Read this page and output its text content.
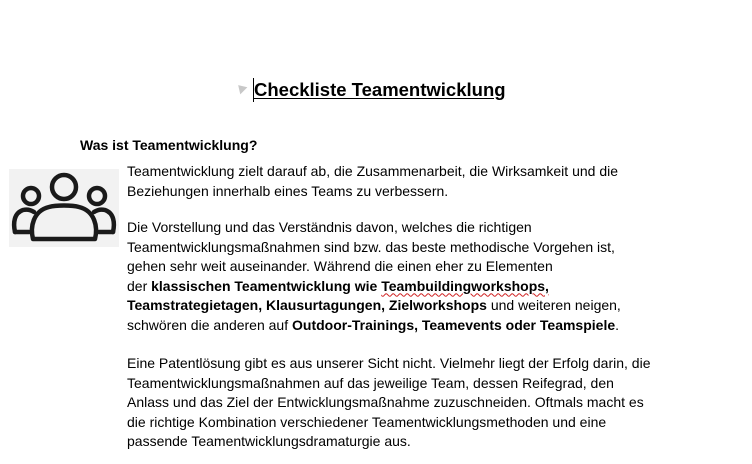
Checkliste Teamentwicklung
Was ist Teamentwicklung?

Teamentwicklung zielt darauf ab, die Zusammenarbeit, die Wirksamkeit und die
Beziehungen innerhalb eines Teams zu verbessern.

Die Vorstellung und das Verständnis davon, welches die richtigen
Teamentwicklungsmaßnahmen sind bzw. das beste methodische Vorgehen ist,
gehen sehr weit auseinander. Während die einen eher zu Elementen
der klassischen Teamentwicklung wie Teambuildingworkshops,
Teamstrategietagen, Klausurtagungen, Zielworkshops und weiteren neigen,
schwören die anderen auf Outdoor-Trainings, Teamevents oder Teamspiele.

Eine Patentlösung gibt es aus unserer Sicht nicht. Vielmehr liegt der Erfolg darin, die
Teamentwicklungsmaßnahmen auf das jeweilige Team, dessen Reifegrad, den
Anlass und das Ziel der Entwicklungsmaßnahme zuzuschneiden. Oftmals macht es
die richtige Kombination verschiedener Teamentwicklungsmethoden und eine
passende Teamentwicklungsdramaturgie aus.
